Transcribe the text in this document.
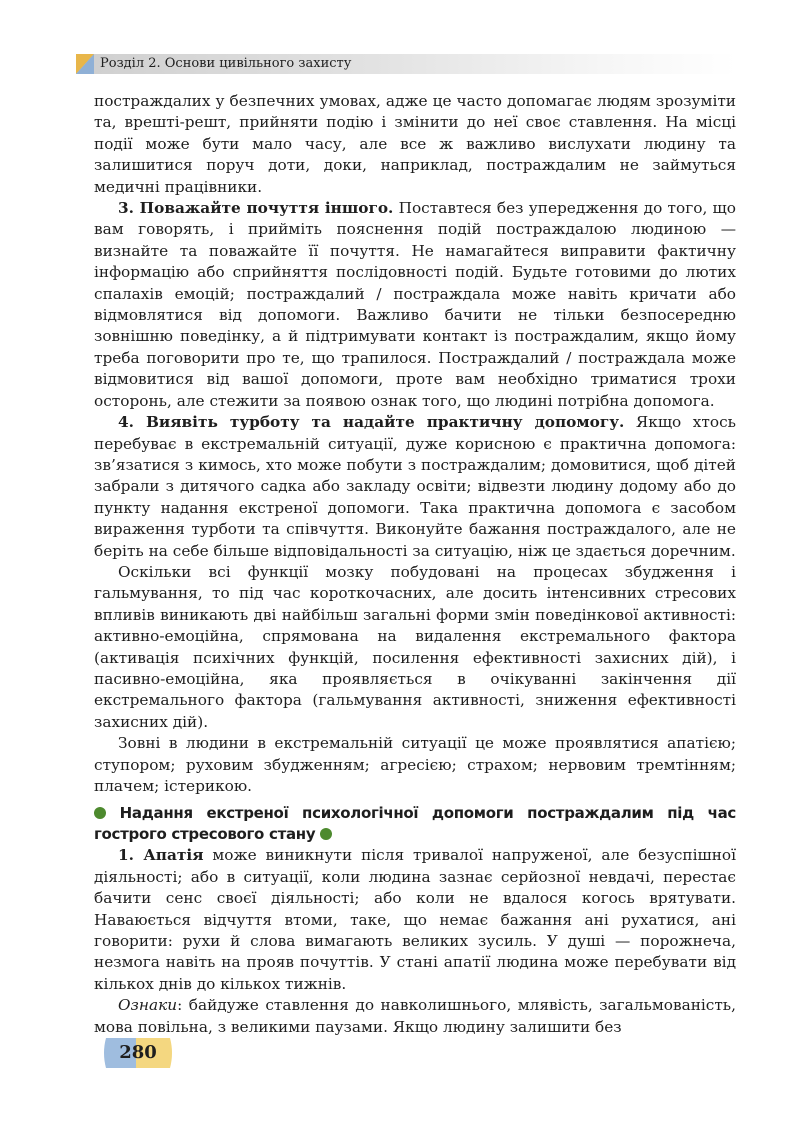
Розділ 2. Основи цивільного захисту

постраждалих у безпечних умовах, адже це часто допомагає людям зрозуміти та, врешті-решт, прийняти подію і змінити до неї своє ставлення. На місці події може бути мало часу, але все ж важливо вислухати людину та залишитися поруч доти, доки, наприклад, постраждалим не займуться медичні працівники.

3. Поважайте почуття іншого. Поставтеся без упередження до того, що вам говорять, і прийміть пояснення подій постраждалою людиною — визнайте та поважайте її почуття. Не намагайтеся виправити фактичну інформацію або сприйняття послідовності подій. Будьте готовими до лютих спалахів емоцій; постраждалий / постраждала може навіть кричати або відмовлятися від допомоги. Важливо бачити не тільки безпосередню зовнішню поведінку, а й підтримувати контакт із постраждалим, якщо йому треба поговорити про те, що трапилося. Постраждалий / постраждала може відмовитися від вашої допомоги, проте вам необхідно триматися трохи осторонь, але стежити за появою ознак того, що людині потрібна допомога.

4. Виявіть турботу та надайте практичну допомогу. Якщо хтось перебуває в екстремальній ситуації, дуже корисною є практична допомога: зв’язатися з кимось, хто може побути з постраждалим; домовитися, щоб дітей забрали з дитячого садка або закладу освіти; відвезти людину додому або до пункту надання екстреної допомоги. Така практична допомога є засобом вираження турботи та співчуття. Виконуйте бажання постраждалого, але не беріть на себе більше відповідальності за ситуацію, ніж це здається доречним.

Оскільки всі функції мозку побудовані на процесах збудження і гальмування, то під час короткочасних, але досить інтенсивних стресових впливів виникають дві найбільш загальні форми змін поведінкової активності: активно-емоційна, спрямована на видалення екстремального фактора (активація психічних функцій, посилення ефективності захисних дій), і пасивно-емоційна, яка проявляється в очікуванні закінчення дії екстремального фактора (гальмування активності, зниження ефективності захисних дій).

Зовні в людини в екстремальній ситуації це може проявлятися апатією; ступором; руховим збудженням; агресією; страхом; нервовим тремтінням; плачем; істерикою.

Надання екстреної психологічної допомоги постраждалим під час гострого стресового стану

1. Апатія може виникнути після тривалої напруженої, але безуспішної діяльності; або в ситуації, коли людина зазнає серйозної невдачі, перестає бачити сенс своєї діяльності; або коли не вдалося когось врятувати. Наваюється відчуття втоми, таке, що немає бажання ані рухатися, ані говорити: рухи й слова вимагають великих зусиль. У душі — порожнеча, незмога навіть на прояв почуттів. У стані апатії людина може перебувати від кількох днів до кількох тижнів.

Ознаки: байдуже ставлення до навколишнього, млявість, загальмованість, мова повільна, з великими паузами. Якщо людину залишити без

280
